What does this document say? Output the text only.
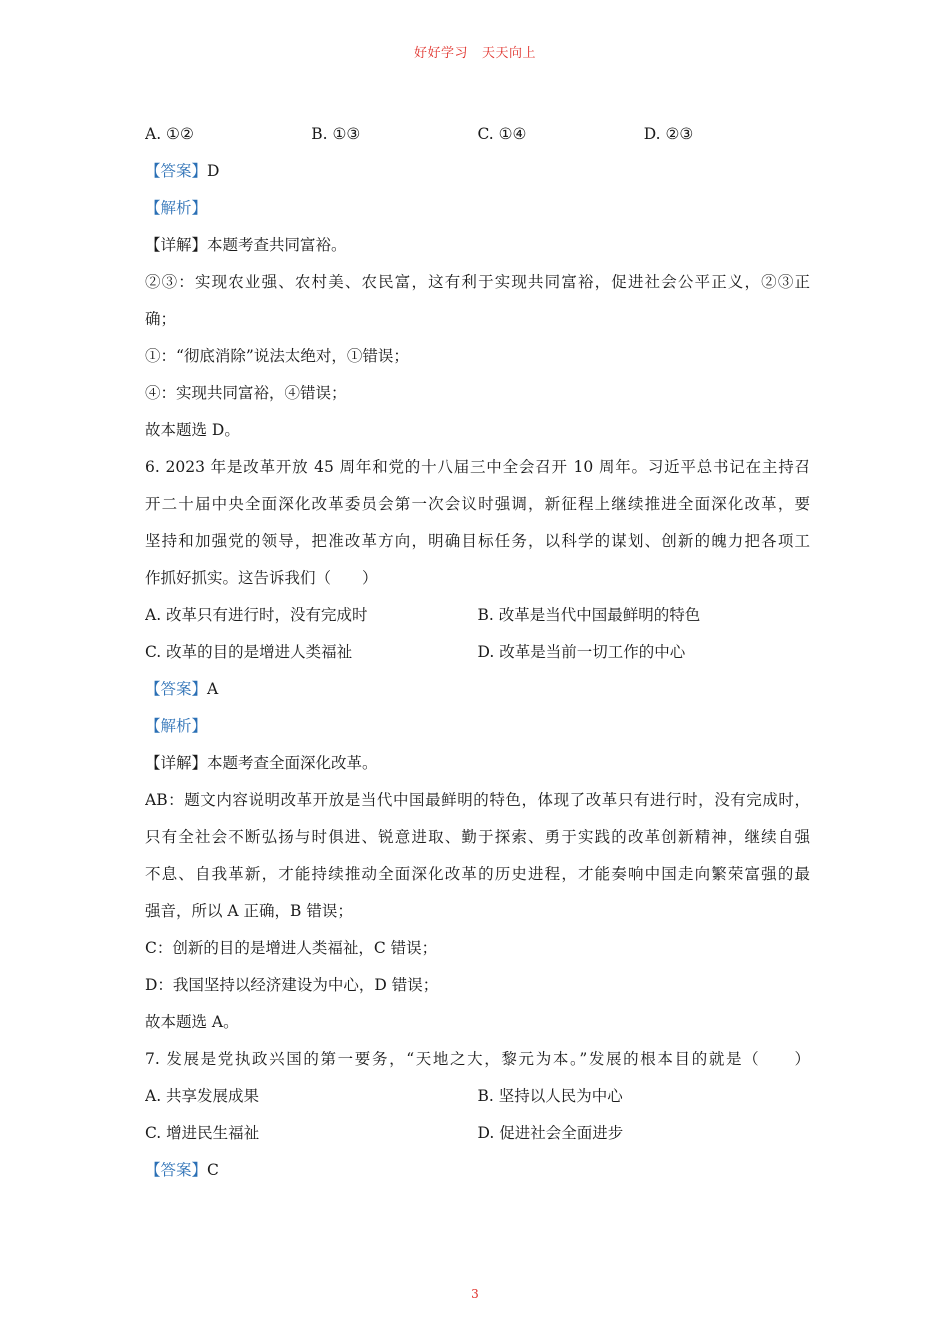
好好学习 天天向上
A. ①②	B. ①③	C. ①④	D. ②③
【答案】D
【解析】
【详解】本题考查共同富裕。
②③：实现农业强、农村美、农民富，这有利于实现共同富裕，促进社会公平正义，②③正
确；
①：“彻底消除”说法太绝对，①错误；
④：实现共同富裕，④错误；
故本题选 D。
6. 2023 年是改革开放 45 周年和党的十八届三中全会召开 10 周年。习近平总书记在主持召
开二十届中央全面深化改革委员会第一次会议时强调，新征程上继续推进全面深化改革，要
坚持和加强党的领导，把准改革方向，明确目标任务，以科学的谋划、创新的魄力把各项工
作抓好抓实。这告诉我们（　　）
A. 改革只有进行时，没有完成时	B. 改革是当代中国最鲜明的特色
C. 改革的目的是增进人类福祉	D. 改革是当前一切工作的中心
【答案】A
【解析】
【详解】本题考查全面深化改革。
AB：题文内容说明改革开放是当代中国最鲜明的特色，体现了改革只有进行时，没有完成时，
只有全社会不断弘扬与时俱进、锐意进取、勤于探索、勇于实践的改革创新精神，继续自强
不息、自我革新，才能持续推动全面深化改革的历史进程，才能奏响中国走向繁荣富强的最
强音，所以 A 正确，B 错误；
C：创新的目的是增进人类福祉，C 错误；
D：我国坚持以经济建设为中心，D 错误；
故本题选 A。
7. 发展是党执政兴国的第一要务，“天地之大，黎元为本。”发展的根本目的就是（　　）
A. 共享发展成果	B. 坚持以人民为中心
C. 增进民生福祉	D. 促进社会全面进步
【答案】C
3
